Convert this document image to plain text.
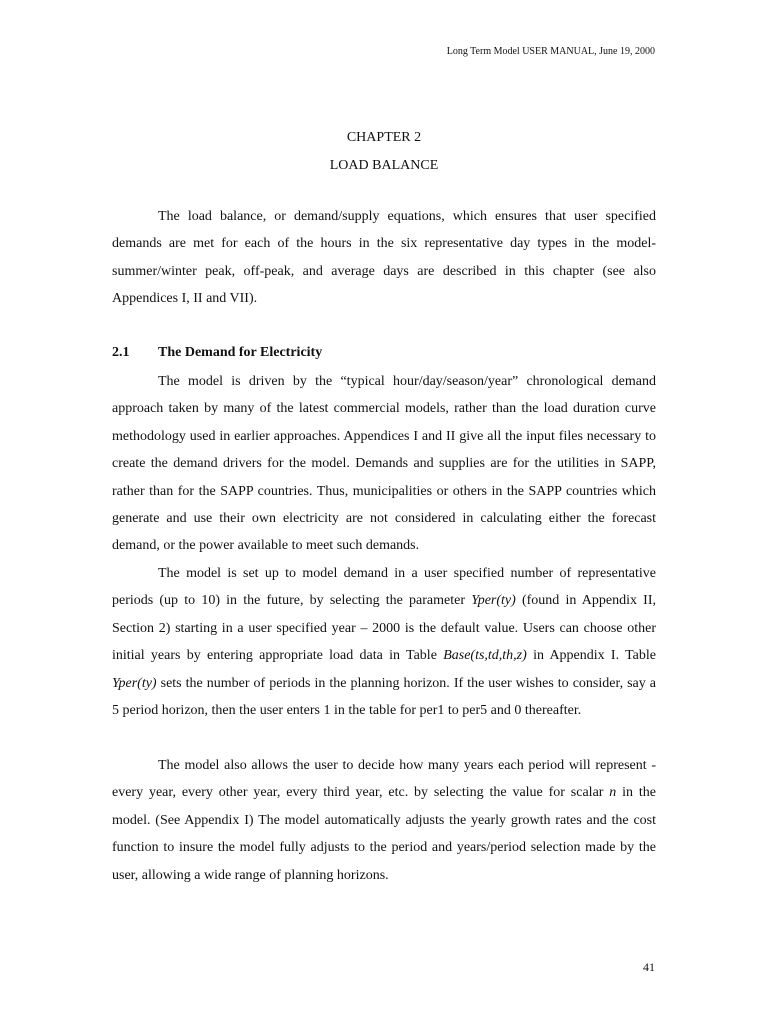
Long Term Model USER MANUAL, June 19, 2000
CHAPTER 2
LOAD BALANCE

The load balance, or demand/supply equations, which ensures that user specified demands are met for each of the hours in the six representative day types in the model- summer/winter peak, off-peak, and average days are described in this chapter (see also Appendices I, II and VII).

2.1 The Demand for Electricity

The model is driven by the “typical hour/day/season/year” chronological demand approach taken by many of the latest commercial models, rather than the load duration curve methodology used in earlier approaches. Appendices I and II give all the input files necessary to create the demand drivers for the model. Demands and supplies are for the utilities in SAPP, rather than for the SAPP countries. Thus, municipalities or others in the SAPP countries which generate and use their own electricity are not considered in calculating either the forecast demand, or the power available to meet such demands.

The model is set up to model demand in a user specified number of representative periods (up to 10) in the future, by selecting the parameter Yper(ty) (found in Appendix II, Section 2) starting in a user specified year – 2000 is the default value. Users can choose other initial years by entering appropriate load data in Table Base(ts,td,th,z) in Appendix I. Table Yper(ty) sets the number of periods in the planning horizon. If the user wishes to consider, say a 5 period horizon, then the user enters 1 in the table for per1 to per5 and 0 thereafter.

The model also allows the user to decide how many years each period will represent - every year, every other year, every third year, etc. by selecting the value for scalar n in the model. (See Appendix I) The model automatically adjusts the yearly growth rates and the cost function to insure the model fully adjusts to the period and years/period selection made by the user, allowing a wide range of planning horizons.

41
